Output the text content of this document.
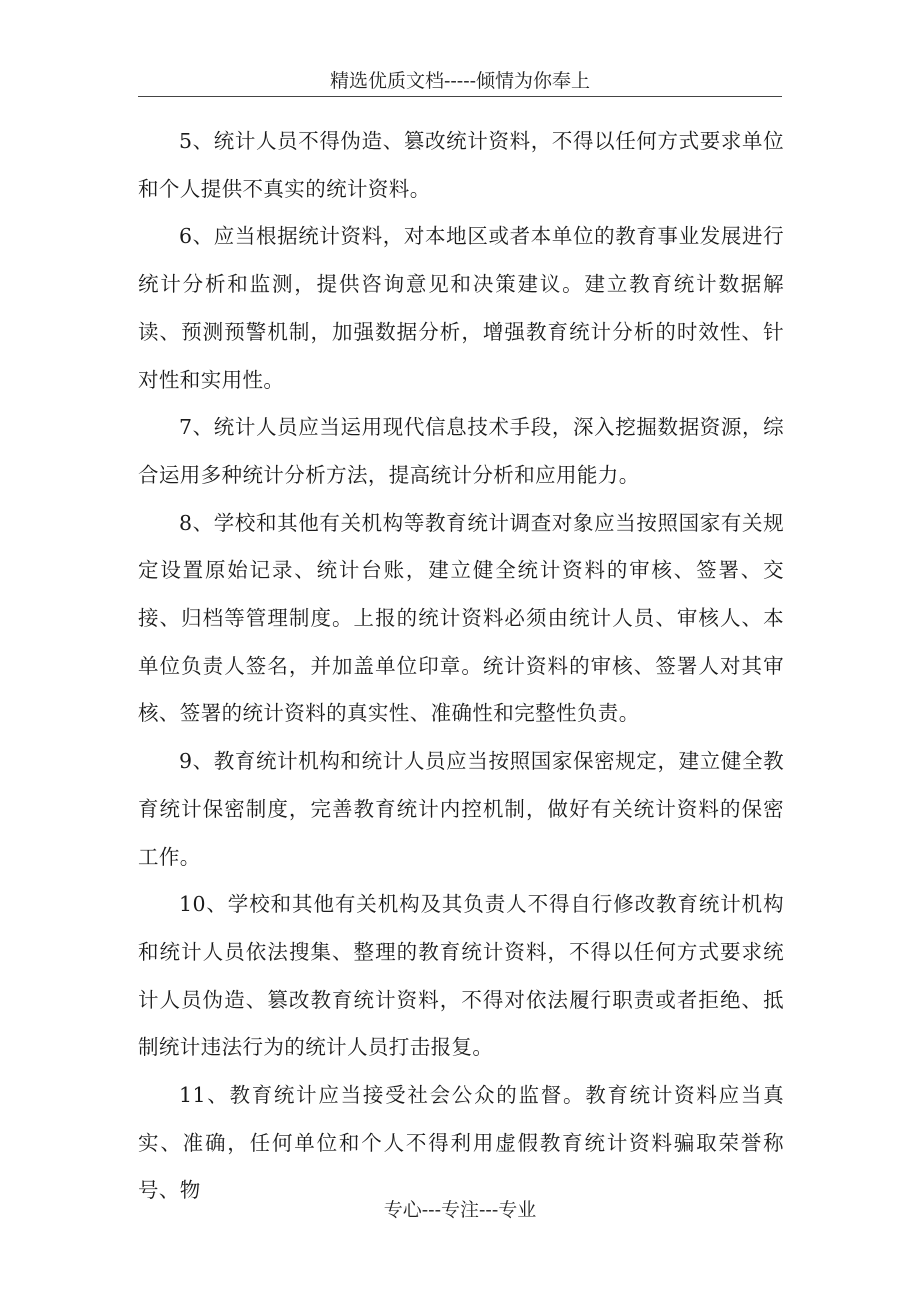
精选优质文档-----倾情为你奉上

5、统计人员不得伪造、篡改统计资料，不得以任何方式要求单位和个人提供不真实的统计资料。

6、应当根据统计资料，对本地区或者本单位的教育事业发展进行统计分析和监测，提供咨询意见和决策建议。建立教育统计数据解读、预测预警机制，加强数据分析，增强教育统计分析的时效性、针对性和实用性。

7、统计人员应当运用现代信息技术手段，深入挖掘数据资源，综合运用多种统计分析方法，提高统计分析和应用能力。

8、学校和其他有关机构等教育统计调查对象应当按照国家有关规定设置原始记录、统计台账，建立健全统计资料的审核、签署、交接、归档等管理制度。上报的统计资料必须由统计人员、审核人、本单位负责人签名，并加盖单位印章。统计资料的审核、签署人对其审核、签署的统计资料的真实性、准确性和完整性负责。

9、教育统计机构和统计人员应当按照国家保密规定，建立健全教育统计保密制度，完善教育统计内控机制，做好有关统计资料的保密工作。

10、学校和其他有关机构及其负责人不得自行修改教育统计机构和统计人员依法搜集、整理的教育统计资料，不得以任何方式要求统计人员伪造、篡改教育统计资料，不得对依法履行职责或者拒绝、抵制统计违法行为的统计人员打击报复。

11、教育统计应当接受社会公众的监督。教育统计资料应当真实、准确，任何单位和个人不得利用虚假教育统计资料骗取荣誉称号、物

专心---专注---专业
